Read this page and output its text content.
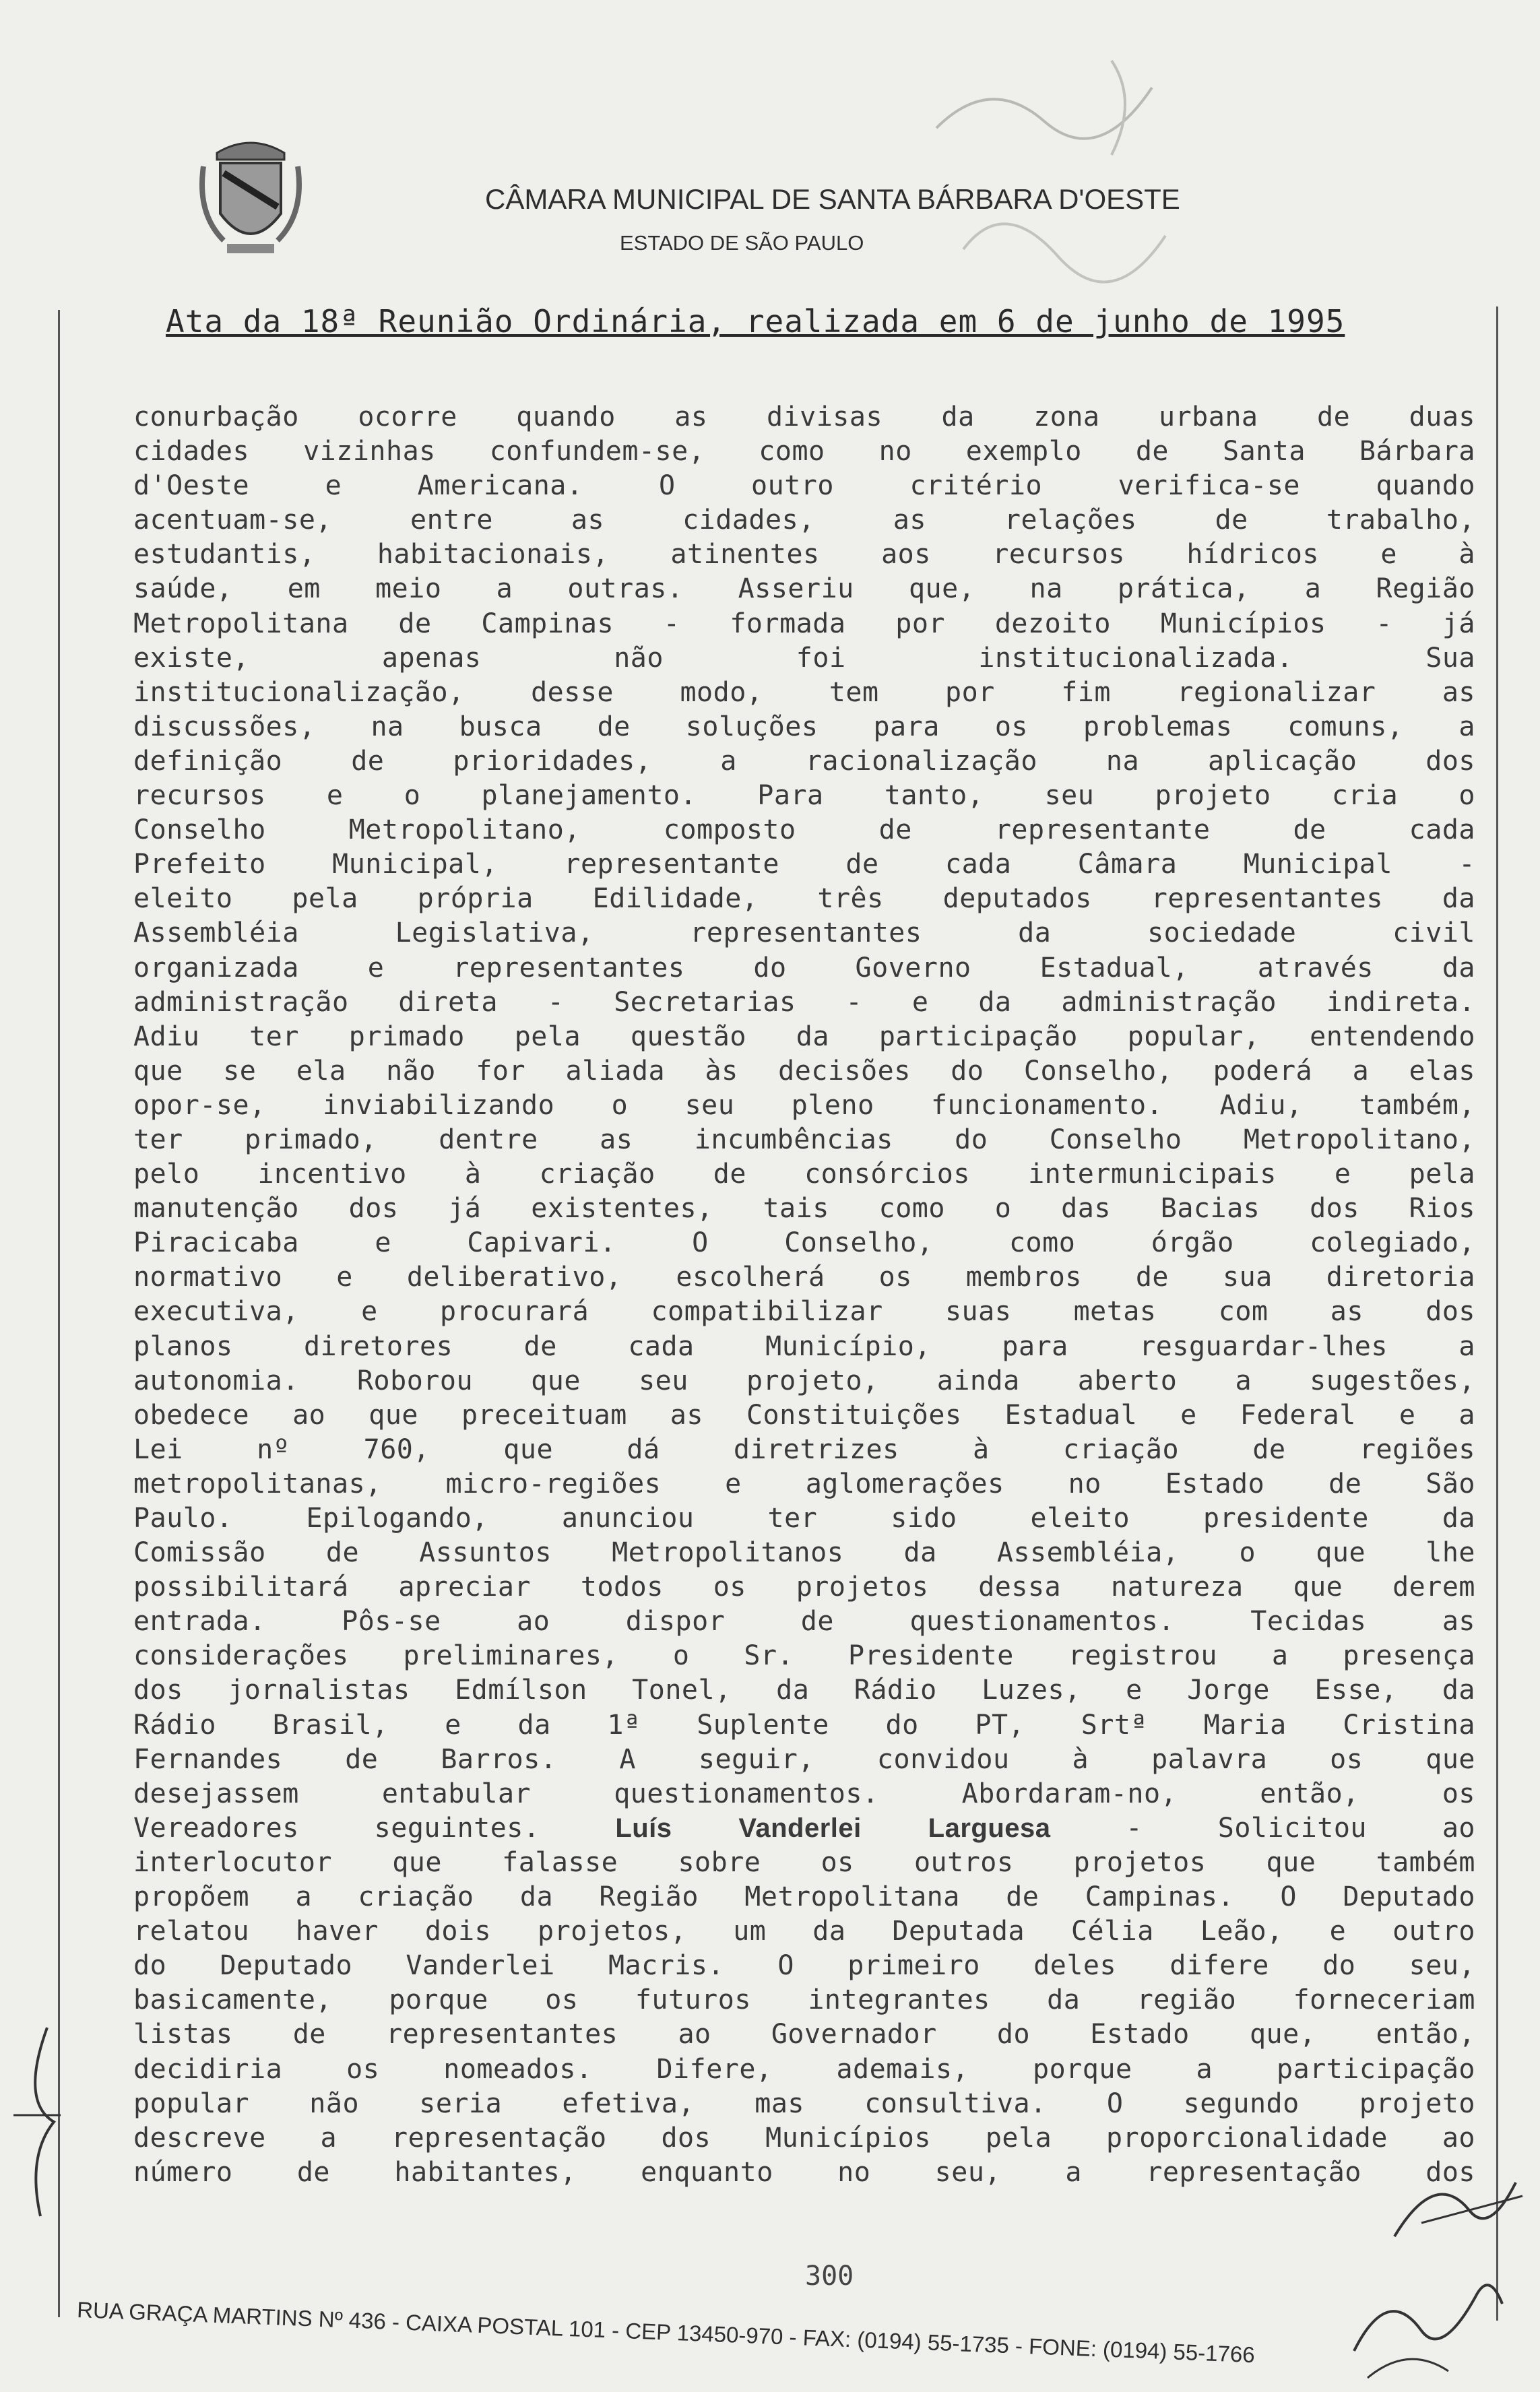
CÂMARA MUNICIPAL DE SANTA BÁRBARA D'OESTE
ESTADO DE SÃO PAULO
Ata da 18ª Reunião Ordinária, realizada em 6 de junho de 1995
conurbação ocorre quando as divisas da zona urbana de duas
cidades vizinhas confundem-se, como no exemplo de Santa Bárbara
d'Oeste e Americana. O outro critério verifica-se quando
acentuam-se, entre as cidades, as relações de trabalho,
estudantis, habitacionais, atinentes aos recursos hídricos e à
saúde, em meio a outras. Asseriu que, na prática, a Região
Metropolitana de Campinas - formada por dezoito Municípios - já
existe, apenas não foi institucionalizada. Sua
institucionalização, desse modo, tem por fim regionalizar as
discussões, na busca de soluções para os problemas comuns, a
definição de prioridades, a racionalização na aplicação dos
recursos e o planejamento. Para tanto, seu projeto cria o
Conselho Metropolitano, composto de representante de cada
Prefeito Municipal, representante de cada Câmara Municipal -
eleito pela própria Edilidade, três deputados representantes da
Assembléia Legislativa, representantes da sociedade civil
organizada e representantes do Governo Estadual, através da
administração direta - Secretarias - e da administração indireta.
Adiu ter primado pela questão da participação popular, entendendo
que se ela não for aliada às decisões do Conselho, poderá a elas
opor-se, inviabilizando o seu pleno funcionamento. Adiu, também,
ter primado, dentre as incumbências do Conselho Metropolitano,
pelo incentivo à criação de consórcios intermunicipais e pela
manutenção dos já existentes, tais como o das Bacias dos Rios
Piracicaba e Capivari. O Conselho, como órgão colegiado,
normativo e deliberativo, escolherá os membros de sua diretoria
executiva, e procurará compatibilizar suas metas com as dos
planos diretores de cada Município, para resguardar-lhes a
autonomia. Roborou que seu projeto, ainda aberto a sugestões,
obedece ao que preceituam as Constituições Estadual e Federal e a
Lei nº 760, que dá diretrizes à criação de regiões
metropolitanas, micro-regiões e aglomerações no Estado de São
Paulo. Epilogando, anunciou ter sido eleito presidente da
Comissão de Assuntos Metropolitanos da Assembléia, o que lhe
possibilitará apreciar todos os projetos dessa natureza que derem
entrada. Pôs-se ao dispor de questionamentos. Tecidas as
considerações preliminares, o Sr. Presidente registrou a presença
dos jornalistas Edmílson Tonel, da Rádio Luzes, e Jorge Esse, da
Rádio Brasil, e da 1ª Suplente do PT, Srtª Maria Cristina
Fernandes de Barros. A seguir, convidou à palavra os que
desejassem entabular questionamentos. Abordaram-no, então, os
Vereadores seguintes. Luís Vanderlei Larguesa - Solicitou ao
interlocutor que falasse sobre os outros projetos que também
propõem a criação da Região Metropolitana de Campinas. O Deputado
relatou haver dois projetos, um da Deputada Célia Leão, e outro
do Deputado Vanderlei Macris. O primeiro deles difere do seu,
basicamente, porque os futuros integrantes da região forneceriam
listas de representantes ao Governador do Estado que, então,
decidiria os nomeados. Difere, ademais, porque a participação
popular não seria efetiva, mas consultiva. O segundo projeto
descreve a representação dos Municípios pela proporcionalidade ao
número de habitantes, enquanto no seu, a representação dos
300
RUA GRAÇA MARTINS Nº 436 - CAIXA POSTAL 101 - CEP 13450-970 - FAX: (0194) 55-1735 - FONE: (0194) 55-1766
